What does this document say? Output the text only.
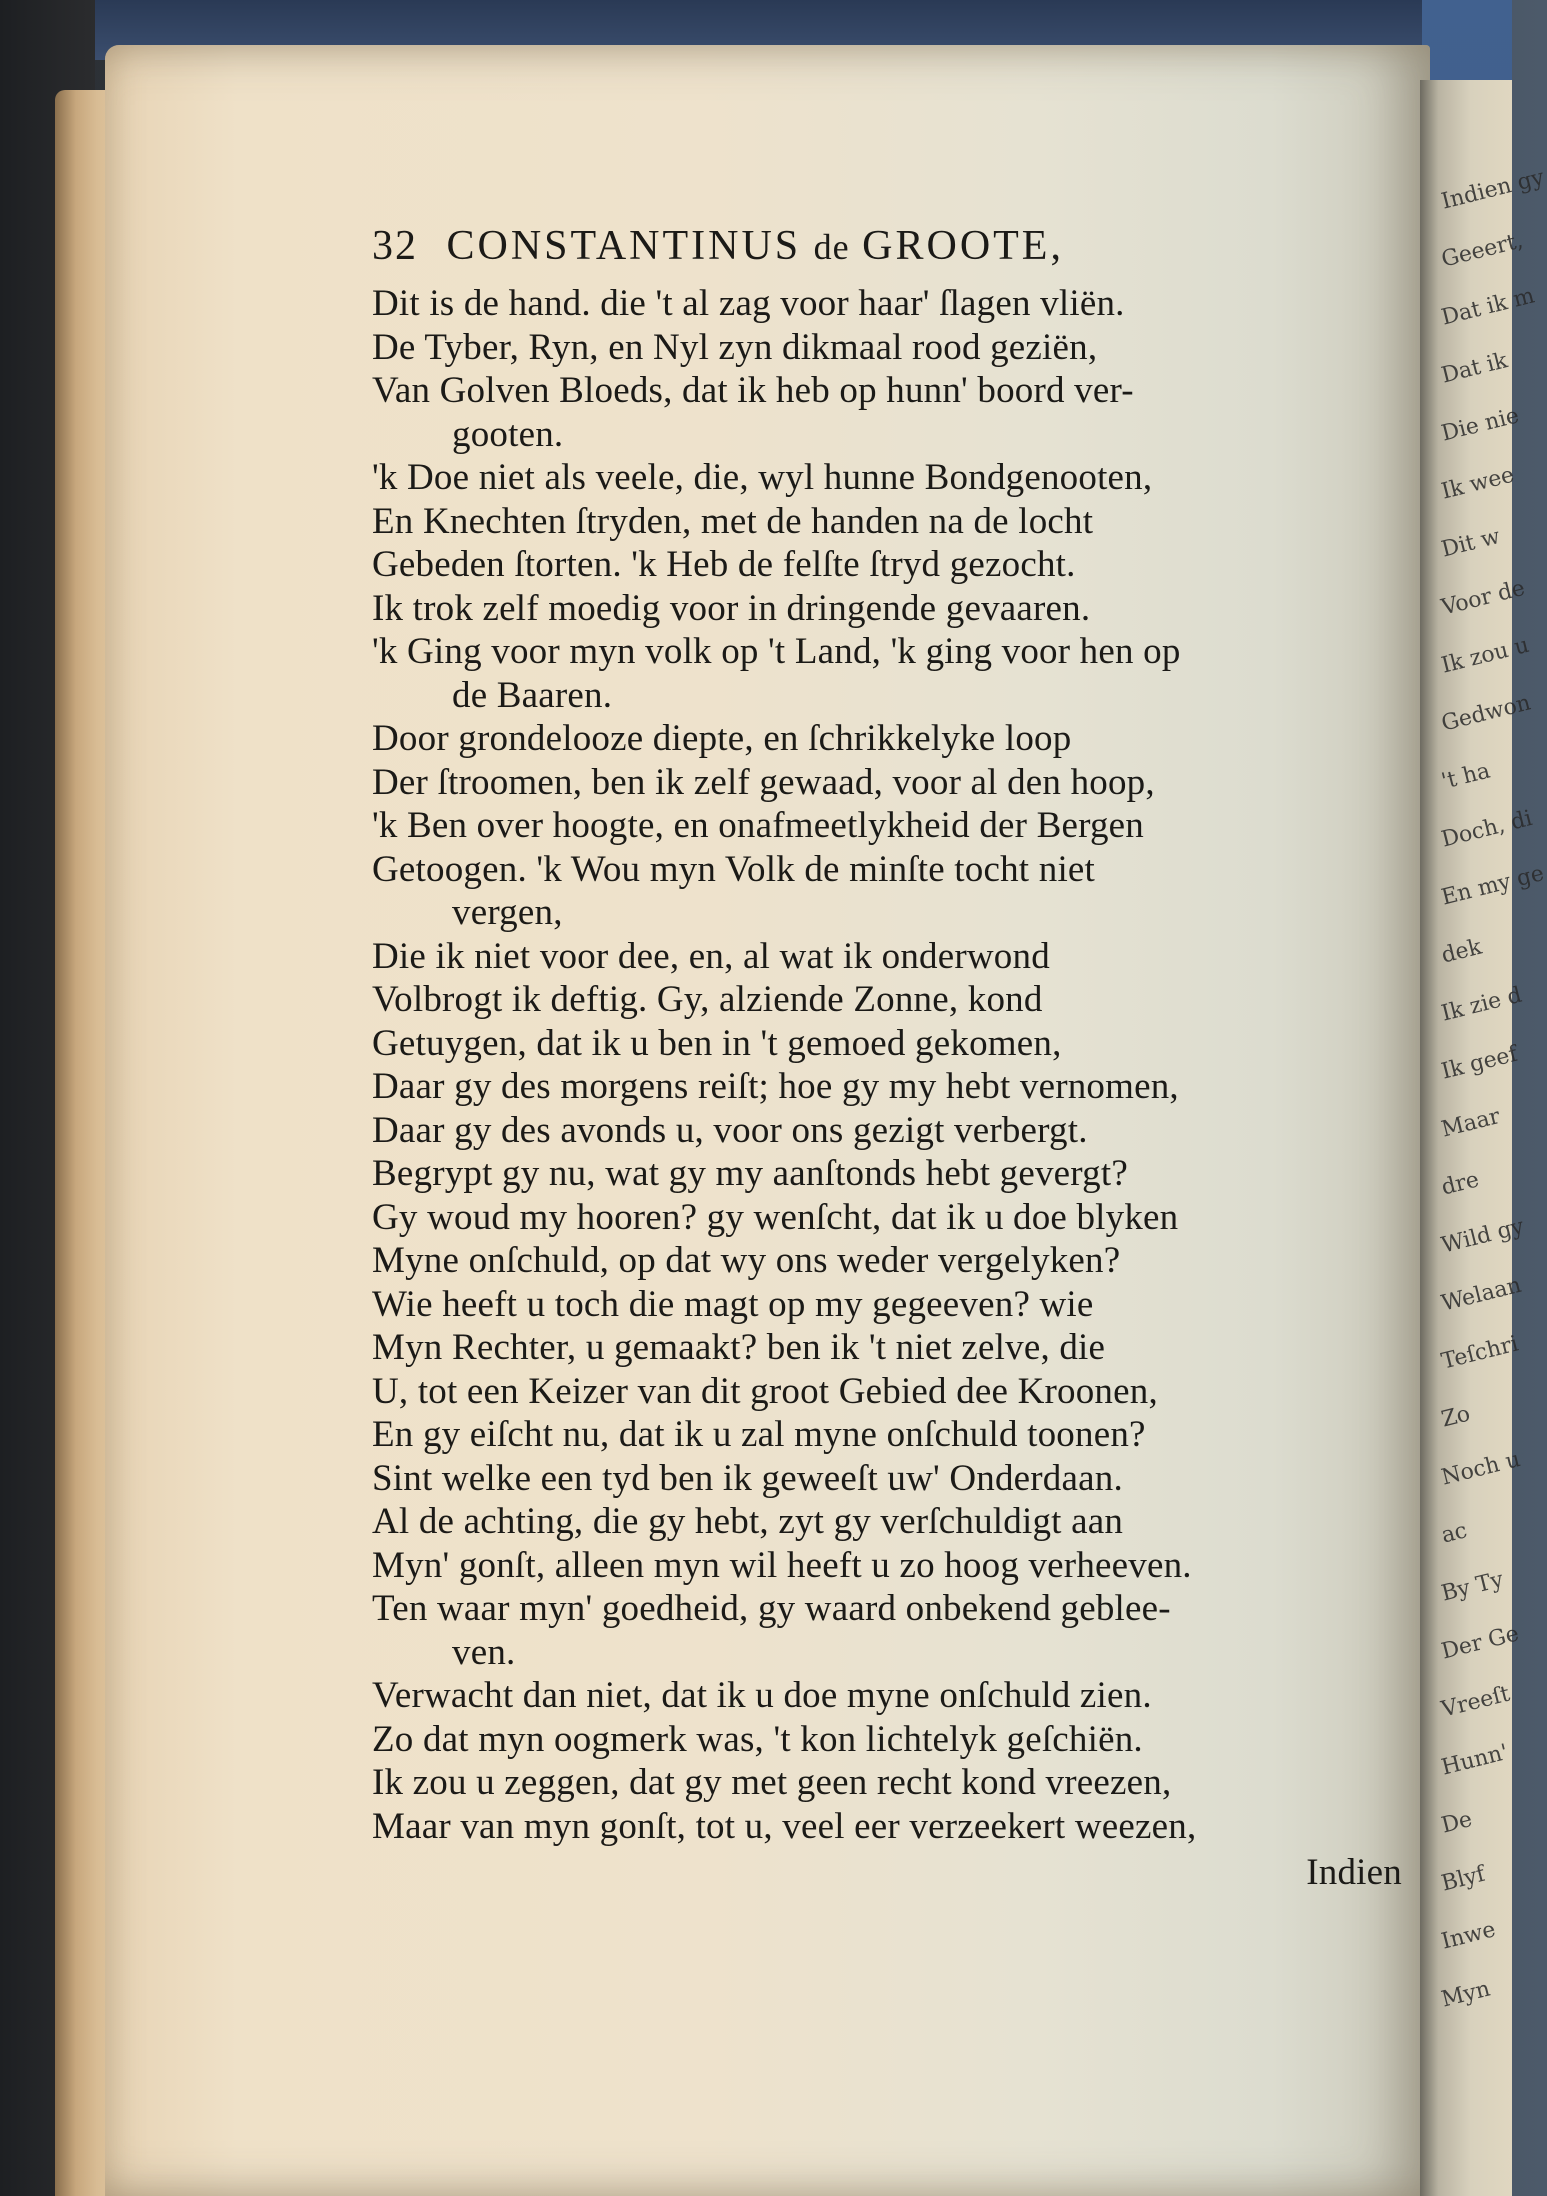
Indien gy
Geeert,
Dat ik m
Dat ik
Die nie
Ik wee
Dit w
Voor de
Ik zou u
Gedwon
't ha
Doch, di
En my ge
dek
Ik zie d
Ik geef
Maar
dre
Wild gy
Welaan
Teſchri
Zo
Noch u
ac
By Ty
Der Ge
Vreeſt
Hunn'
De
Blyf
Inwe
Myn
32 CONSTANTINUS de GROOTE,
Dit is de hand. die 't al zag voor haar' ſlagen vliën.
De Tyber, Ryn, en Nyl zyn dikmaal rood geziën,
Van Golven Bloeds, dat ik heb op hunn' boord ver-
gooten.
'k Doe niet als veele, die, wyl hunne Bondgenooten,
En Knechten ſtryden, met de handen na de locht
Gebeden ſtorten. 'k Heb de felſte ſtryd gezocht.
Ik trok zelf moedig voor in dringende gevaaren.
'k Ging voor myn volk op 't Land, 'k ging voor hen op
de Baaren.
Door grondelooze diepte, en ſchrikkelyke loop
Der ſtroomen, ben ik zelf gewaad, voor al den hoop,
'k Ben over hoogte, en onafmeetlykheid der Bergen
Getoogen. 'k Wou myn Volk de minſte tocht niet
vergen,
Die ik niet voor dee, en, al wat ik onderwond
Volbrogt ik deftig. Gy, alziende Zonne, kond
Getuygen, dat ik u ben in 't gemoed gekomen,
Daar gy des morgens reiſt; hoe gy my hebt vernomen,
Daar gy des avonds u, voor ons gezigt verbergt.
Begrypt gy nu, wat gy my aanſtonds hebt gevergt?
Gy woud my hooren? gy wenſcht, dat ik u doe blyken
Myne onſchuld, op dat wy ons weder vergelyken?
Wie heeft u toch die magt op my gegeeven? wie
Myn Rechter, u gemaakt? ben ik 't niet zelve, die
U, tot een Keizer van dit groot Gebied dee Kroonen,
En gy eiſcht nu, dat ik u zal myne onſchuld toonen?
Sint welke een tyd ben ik geweeſt uw' Onderdaan.
Al de achting, die gy hebt, zyt gy verſchuldigt aan
Myn' gonſt, alleen myn wil heeft u zo hoog verheeven.
Ten waar myn' goedheid, gy waard onbekend geblee-
ven.
Verwacht dan niet, dat ik u doe myne onſchuld zien.
Zo dat myn oogmerk was, 't kon lichtelyk geſchiën.
Ik zou u zeggen, dat gy met geen recht kond vreezen,
Maar van myn gonſt, tot u, veel eer verzeekert weezen,
Indien
